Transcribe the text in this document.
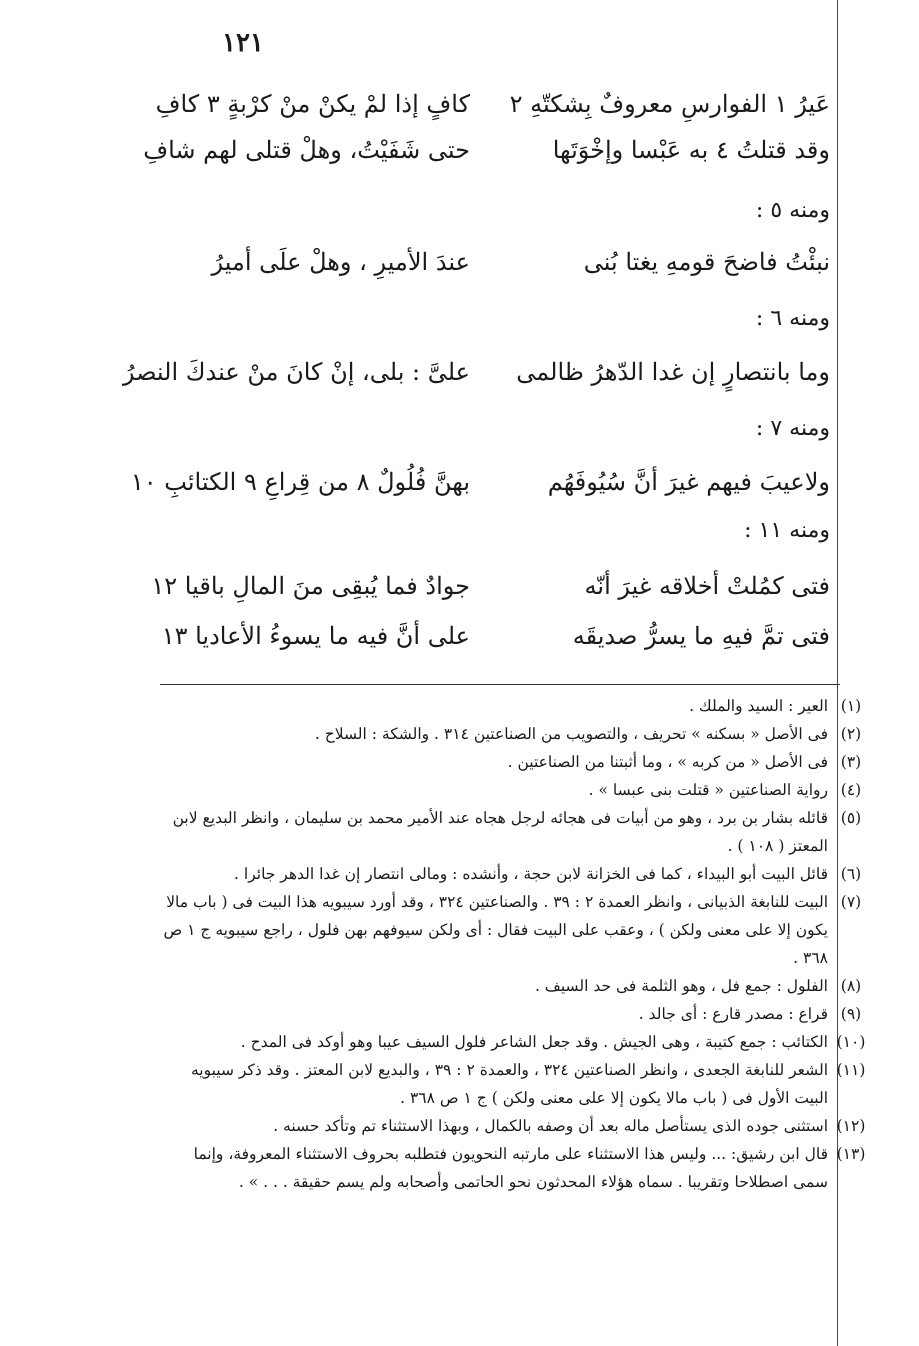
١٢١
عَيرُ ١ الفوارسِ معروفٌ بِشكتّهِ ٢
كافٍ إذا لمْ يكنْ منْ كرْبةٍ ٣ كافِ
وقد قتلتُ ٤ به عَبْسا وإخْوَتَها
حتى شَفَيْتُ، وهلْ قتلى لهم شافِ
ومنه ٥ :
نبئْتُ فاضحَ قومهِ يغتا بُنى
عندَ الأميرِ ، وهلْ علَى أميرُ
ومنه ٦ :
وما بانتصارٍ إن غدا الدّهرُ ظالمى
علىَّ : بلى، إنْ كانَ منْ عندكَ النصرُ
ومنه ٧ :
ولاعيبَ فيهم غيرَ أنَّ سُيُوفَهُم
بهنَّ فُلُولٌ ٨ من قِراعِ ٩ الكتائبِ ١٠
ومنه ١١ :
فتى كمُلتْ أخلاقه غيرَ أنّه
جوادٌ فما يُبقِى منَ المالِ باقيا ١٢
فتى تمَّ فيهِ ما يسرُّ صديقَه
على أنَّ فيه ما يسوءُ الأعاديا ١٣
(١)
العير : السيد والملك .
(٢)
فى الأصل « بسكنه » تحريف ، والتصويب من الصناعتين ٣١٤ . والشكة : السلاح .
(٣)
فى الأصل « من كربه » ، وما أثبتنا من الصناعتين .
(٤)
رواية الصناعتين « قتلت بنى عبسا » .
(٥)
قائله بشار بن برد ، وهو من أبيات فى هجائه لرجل هجاه عند الأمير محمد بن سليمان ، وانظر البديع لابن المعتز ( ١٠٨ ) .
(٦)
قائل البيت أبو البيداء ، كما فى الخزانة لابن حجة ، وأنشده : ومالى انتصار إن غدا الدهر جائرا .
(٧)
البيت للنابغة الذبيانى ، وانظر العمدة ٢ : ٣٩ . والصناعتين ٣٢٤ ، وقد أورد سيبويه هذا البيت فى ( باب مالا يكون إلا على معنى ولكن ) ، وعقب على البيت فقال : أى ولكن سيوفهم بهن فلول ، راجع سيبويه ج ١ ص ٣٦٨ .
(٨)
الفلول : جمع فل ، وهو الثلمة فى حد السيف .
(٩)
قراع : مصدر قارع : أى جالد .
(١٠)
الكتائب : جمع كتيبة ، وهى الجيش . وقد جعل الشاعر فلول السيف عيبا وهو أوكد فى المدح .
(١١)
الشعر للنابغة الجعدى ، وانظر الصناعتين ٣٢٤ ، والعمدة ٢ : ٣٩ ، والبديع لابن المعتز . وقد ذكر سيبويه البيت الأول فى ( باب مالا يكون إلا على معنى ولكن ) ج ١ ص ٣٦٨ .
(١٢)
استثنى جوده الذى يستأصل ماله بعد أن وصفه بالكمال ، وبهذا الاستثناء تم وتأكد حسنه .
(١٣)
قال ابن رشيق: ... وليس هذا الاستثناء على مارتبه النحويون فتطلبه بحروف الاستثناء المعروفة، وإنما سمى اصطلاحا وتقريبا . سماه هؤلاء المحدثون نحو الحاتمى وأصحابه ولم يسم حقيقة . . . » .
